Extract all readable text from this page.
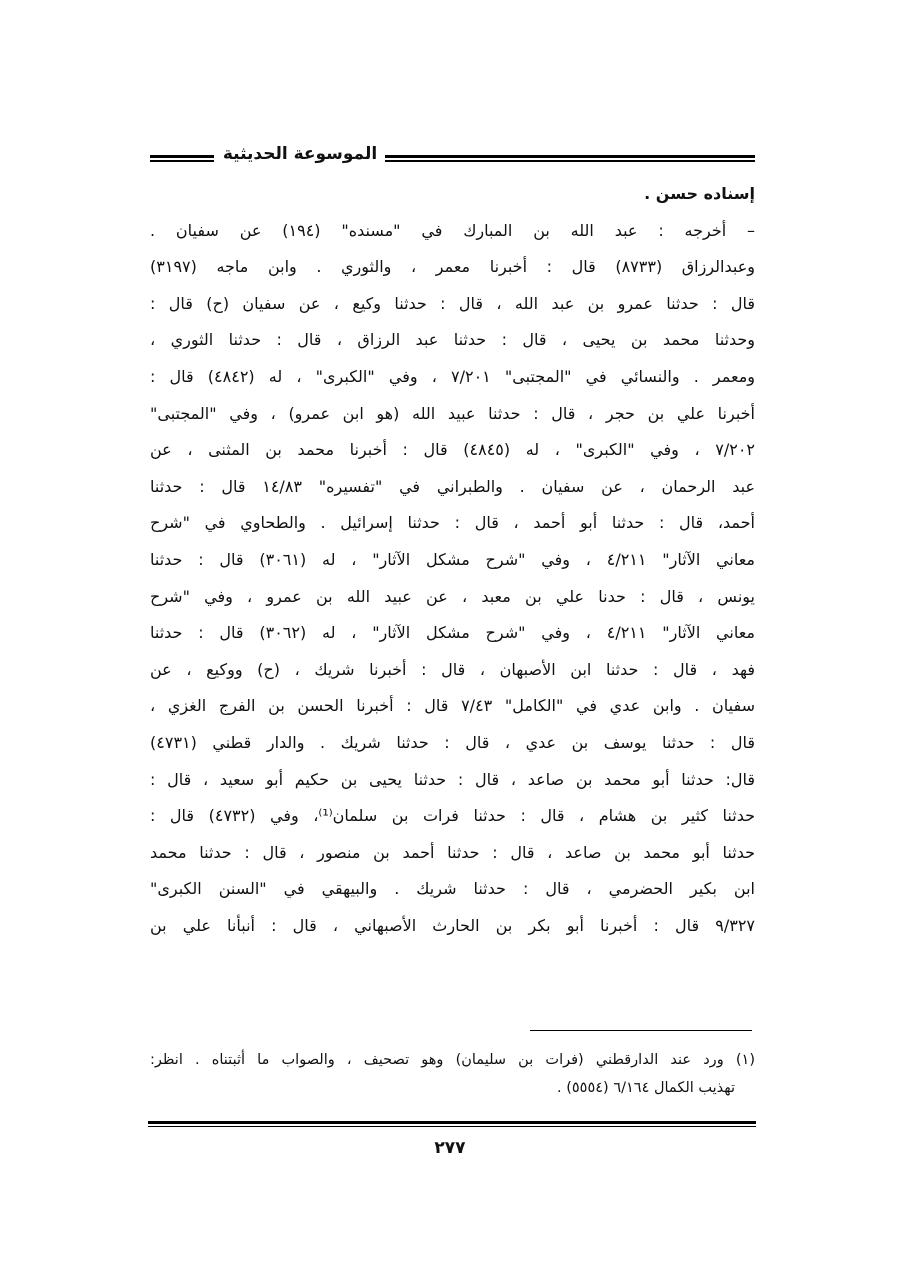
الموسوعة الحديثية
إسناده حسن .
– أخرجه : عبد الله بن المبارك في "مسنده" (١٩٤) عن سفيان .
وعبدالرزاق (٨٧٣٣) قال : أخبرنا معمر ، والثوري . وابن ماجه (٣١٩٧)
قال : حدثنا عمرو بن عبد الله ، قال : حدثنا وكيع ، عن سفيان (ح) قال :
وحدثنا محمد بن يحيى ، قال : حدثنا عبد الرزاق ، قال : حدثنا الثوري ،
ومعمر . والنسائي في "المجتبى" ٧/٢٠١ ، وفي "الكبرى" ، له (٤٨٤٢) قال :
أخبرنا علي بن حجر ، قال : حدثنا عبيد الله (هو ابن عمرو) ، وفي "المجتبى"
٧/٢٠٢ ، وفي "الكبرى" ، له (٤٨٤٥) قال : أخبرنا محمد بن المثنى ، عن
عبد الرحمان ، عن سفيان . والطبراني في "تفسيره" ١٤/٨٣ قال : حدثنا
أحمد، قال : حدثنا أبو أحمد ، قال : حدثنا إسرائيل . والطحاوي في "شرح
معاني الآثار" ٤/٢١١ ، وفي "شرح مشكل الآثار" ، له (٣٠٦١) قال : حدثنا
يونس ، قال : حدنا علي بن معبد ، عن عبيد الله بن عمرو ، وفي "شرح
معاني الآثار" ٤/٢١١ ، وفي "شرح مشكل الآثار" ، له (٣٠٦٢) قال : حدثنا
فهد ، قال : حدثنا ابن الأصبهان ، قال : أخبرنا شريك ، (ح) ووكيع ، عن
سفيان . وابن عدي في "الكامل" ٧/٤٣ قال : أخبرنا الحسن بن الفرج الغزي ،
قال : حدثنا يوسف بن عدي ، قال : حدثنا شريك . والدار قطني (٤٧٣١)
قال: حدثنا أبو محمد بن صاعد ، قال : حدثنا يحيى بن حكيم أبو سعيد ، قال :
حدثنا كثير بن هشام ، قال : حدثنا فرات بن سلمان⁽¹⁾، وفي (٤٧٣٢) قال :
حدثنا أبو محمد بن صاعد ، قال : حدثنا أحمد بن منصور ، قال : حدثنا محمد
ابن بكير الحضرمي ، قال : حدثنا شريك . والبيهقي في "السنن الكبرى"
٩/٣٢٧ قال : أخبرنا أبو بكر بن الحارث الأصبهاني ، قال : أنبأنا علي بن
(١) ورد عند الدارقطني (فرات بن سليمان) وهو تصحيف ، والصواب ما أثبتناه . انظر:
تهذيب الكمال ٦/١٦٤ (٥٥٥٤) .
٢٧٧
